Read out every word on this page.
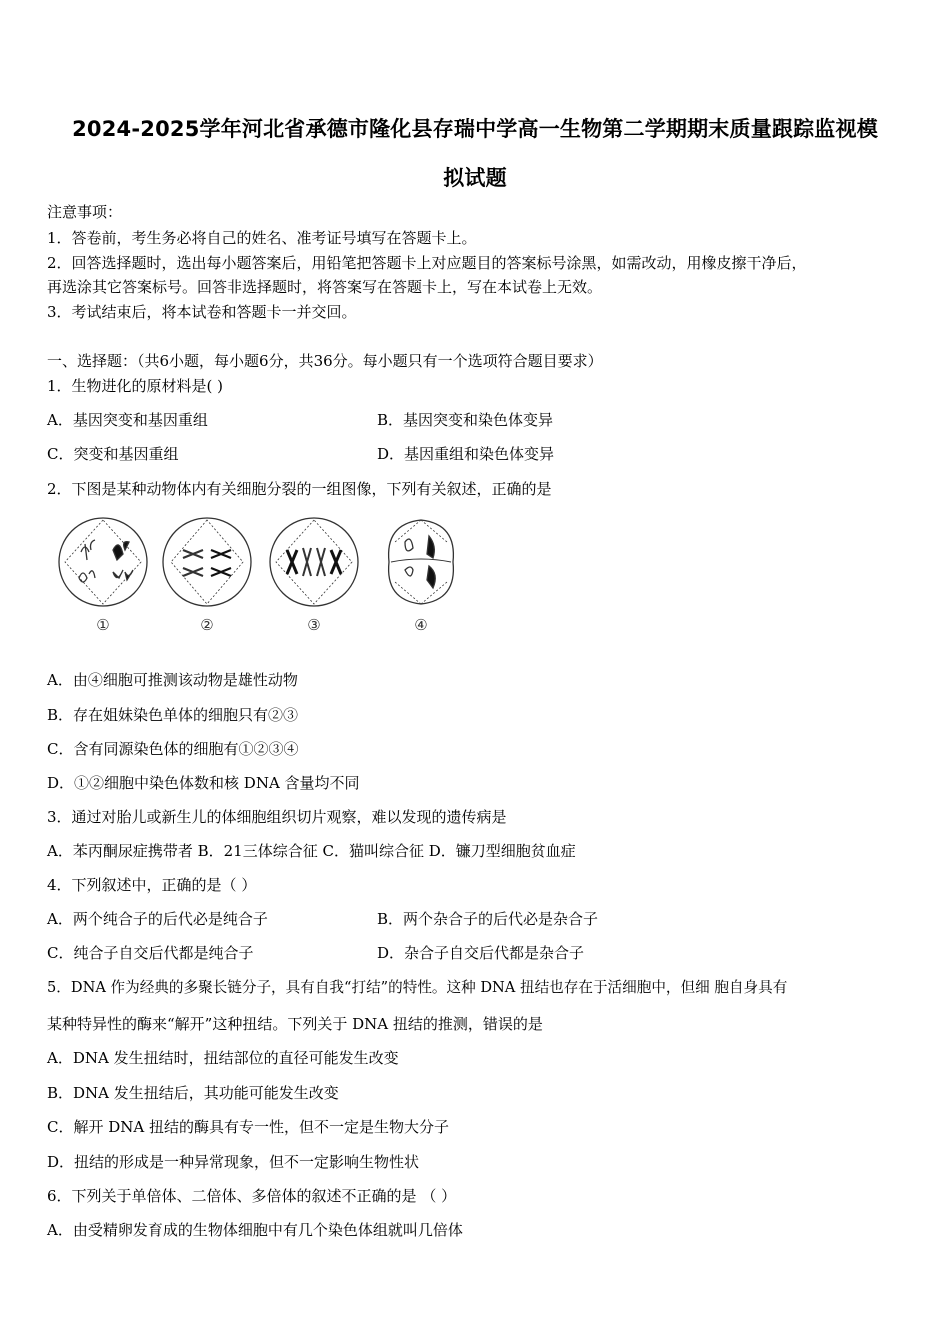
2024-2025学年河北省承德市隆化县存瑞中学高一生物第二学期期末质量跟踪监视模
拟试题
注意事项：
1．答卷前，考生务必将自己的姓名、准考证号填写在答题卡上。
2．回答选择题时，选出每小题答案后，用铅笔把答题卡上对应题目的答案标号涂黑，如需改动，用橡皮擦干净后，
再选涂其它答案标号。回答非选择题时，将答案写在答题卡上，写在本试卷上无效。
3．考试结束后，将本试卷和答题卡一并交回。
一、选择题：（共6小题，每小题6分，共36分。每小题只有一个选项符合题目要求）
1．生物进化的原材料是( )
A．基因突变和基因重组	B．基因突变和染色体变异
C．突变和基因重组	D．基因重组和染色体变异
2．下图是某种动物体内有关细胞分裂的一组图像，下列有关叙述，正确的是
①	②	③	④
A．由④细胞可推测该动物是雄性动物
B．存在姐妹染色单体的细胞只有②③
C．含有同源染色体的细胞有①②③④
D．①②细胞中染色体数和核 DNA 含量均不同
3．通过对胎儿或新生儿的体细胞组织切片观察，难以发现的遗传病是
A．苯丙酮尿症携带者 B．21三体综合征 C．猫叫综合征 D．镰刀型细胞贫血症
4．下列叙述中，正确的是（ ）
A．两个纯合子的后代必是纯合子	B．两个杂合子的后代必是杂合子
C．纯合子自交后代都是纯合子	D．杂合子自交后代都是杂合子
5．DNA 作为经典的多聚长链分子，具有自我“打结”的特性。这种 DNA 扭结也存在于活细胞中，但细 胞自身具有
某种特异性的酶来“解开”这种扭结。下列关于 DNA 扭结的推测，错误的是
A．DNA 发生扭结时，扭结部位的直径可能发生改变
B．DNA 发生扭结后，其功能可能发生改变
C．解开 DNA 扭结的酶具有专一性，但不一定是生物大分子
D．扭结的形成是一种异常现象，但不一定影响生物性状
6．下列关于单倍体、二倍体、多倍体的叙述不正确的是 （ ）
A．由受精卵发育成的生物体细胞中有几个染色体组就叫几倍体
